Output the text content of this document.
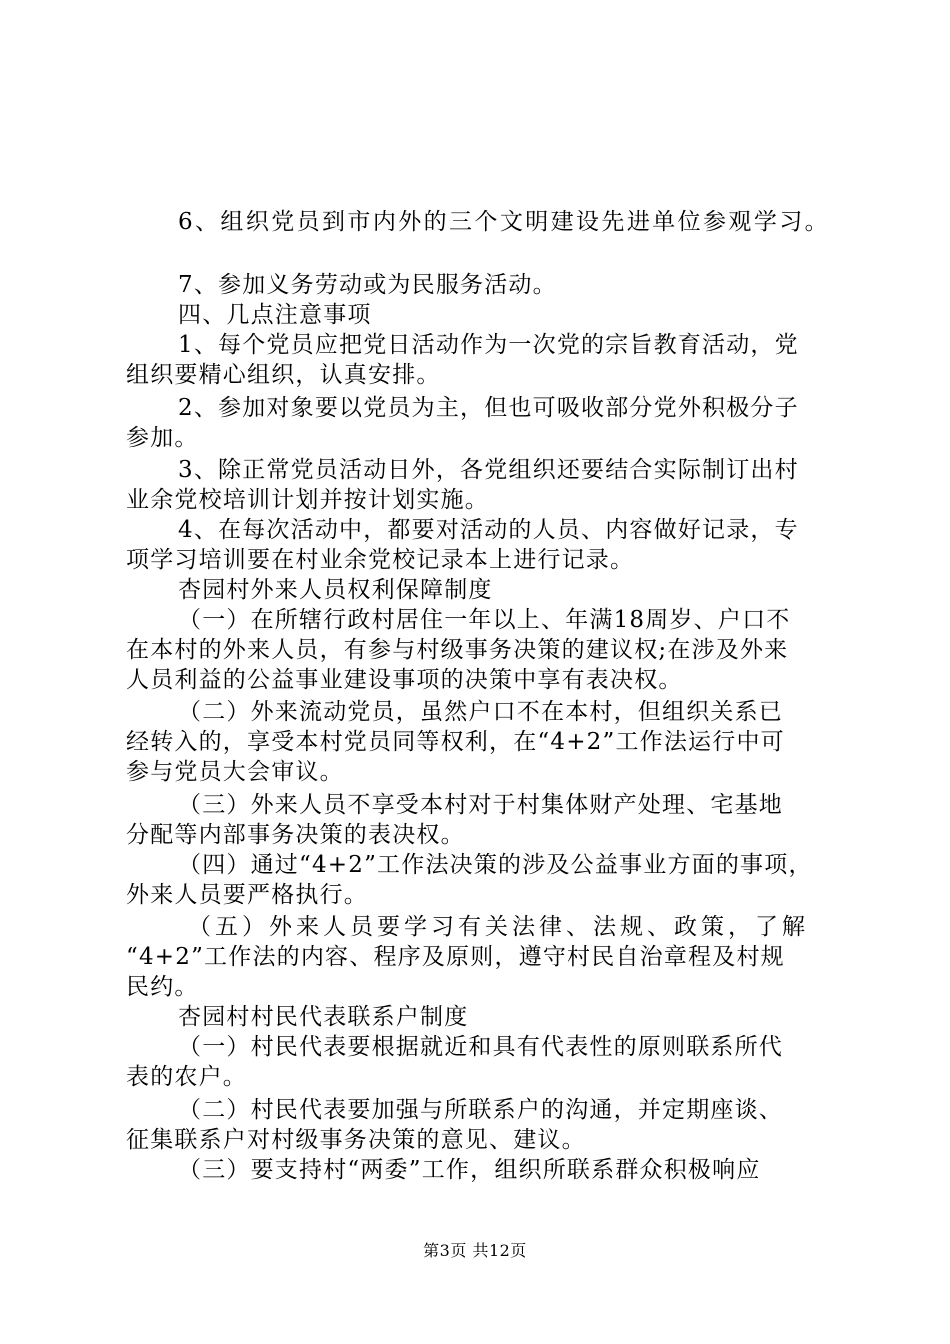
6、组织党员到市内外的三个文明建设先进单位参观学习。
7、参加义务劳动或为民服务活动。
四、几点注意事项
1、每个党员应把党日活动作为一次党的宗旨教育活动，党
组织要精心组织，认真安排。
2、参加对象要以党员为主，但也可吸收部分党外积极分子
参加。
3、除正常党员活动日外，各党组织还要结合实际制订出村
业余党校培训计划并按计划实施。
4、在每次活动中，都要对活动的人员、内容做好记录，专
项学习培训要在村业余党校记录本上进行记录。
杏园村外来人员权利保障制度
（一）在所辖行政村居住一年以上、年满18周岁、户口不
在本村的外来人员，有参与村级事务决策的建议权;在涉及外来
人员利益的公益事业建设事项的决策中享有表决权。
（二）外来流动党员，虽然户口不在本村，但组织关系已
经转入的，享受本村党员同等权利，在“4+2”工作法运行中可
参与党员大会审议。
（三）外来人员不享受本村对于村集体财产处理、宅基地
分配等内部事务决策的表决权。
（四）通过“4+2”工作法决策的涉及公益事业方面的事项，
外来人员要严格执行。
（五）外来人员要学习有关法律、法规、政策，了解
“4+2”工作法的内容、程序及原则，遵守村民自治章程及村规
民约。
杏园村村民代表联系户制度
（一）村民代表要根据就近和具有代表性的原则联系所代
表的农户。
（二）村民代表要加强与所联系户的沟通，并定期座谈、
征集联系户对村级事务决策的意见、建议。
（三）要支持村“两委”工作，组织所联系群众积极响应
第3页 共12页
